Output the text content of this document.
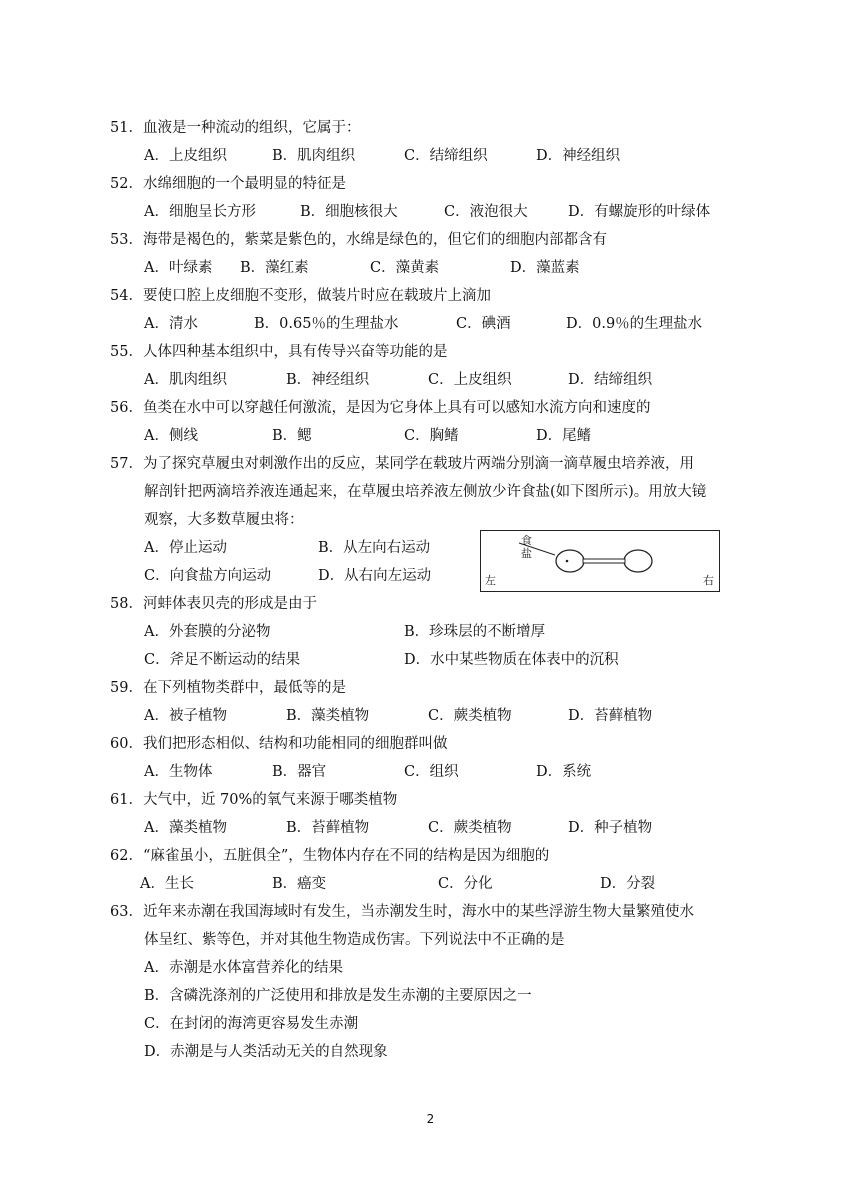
51．血液是一种流动的组织，它属于：
A．上皮组织	B．肌肉组织	C．结缔组织	D．神经组织
52．水绵细胞的一个最明显的特征是
A．细胞呈长方形	B．细胞核很大	C．液泡很大	D．有螺旋形的叶绿体
53．海带是褐色的，紫菜是紫色的，水绵是绿色的，但它们的细胞内部都含有
A．叶绿素 B．藻红素	C．藻黄素	D．藻蓝素
54．要使口腔上皮细胞不变形，做装片时应在载玻片上滴加
A．清水	B．0.65％的生理盐水	C．碘酒	D．0.9％的生理盐水
55．人体四种基本组织中，具有传导兴奋等功能的是
A．肌肉组织	B．神经组织	C．上皮组织	D．结缔组织
56．鱼类在水中可以穿越任何激流，是因为它身体上具有可以感知水流方向和速度的
A．侧线	B．鳃	C．胸鳍	D．尾鳍
57．为了探究草履虫对刺激作出的反应，某同学在载玻片两端分别滴一滴草履虫培养液，用
解剖针把两滴培养液连通起来，在草履虫培养液左侧放少许食盐(如下图所示)。用放大镜
观察，大多数草履虫将：
A．停止运动	B．从左向右运动
C．向食盐方向运动	D．从右向左运动
食
盐
左	右
58．河蚌体表贝壳的形成是由于
A．外套膜的分泌物	B．珍珠层的不断增厚
C．斧足不断运动的结果	D．水中某些物质在体表中的沉积
59．在下列植物类群中，最低等的是
A．被子植物	B．藻类植物	C．蕨类植物	D．苔藓植物
60．我们把形态相似、结构和功能相同的细胞群叫做
A．生物体	B．器官	C．组织	D．系统
61．大气中，近 70%的氧气来源于哪类植物
A．藻类植物	B．苔藓植物	C．蕨类植物	D．种子植物
62．“麻雀虽小，五脏俱全”，生物体内存在不同的结构是因为细胞的
A．生长	B．癌变	C．分化	D．分裂
63．近年来赤潮在我国海域时有发生，当赤潮发生时，海水中的某些浮游生物大量繁殖使水
体呈红、紫等色，并对其他生物造成伤害。下列说法中不正确的是
A．赤潮是水体富营养化的结果
B．含磷洗涤剂的广泛使用和排放是发生赤潮的主要原因之一
C．在封闭的海湾更容易发生赤潮
D．赤潮是与人类活动无关的自然现象
2
